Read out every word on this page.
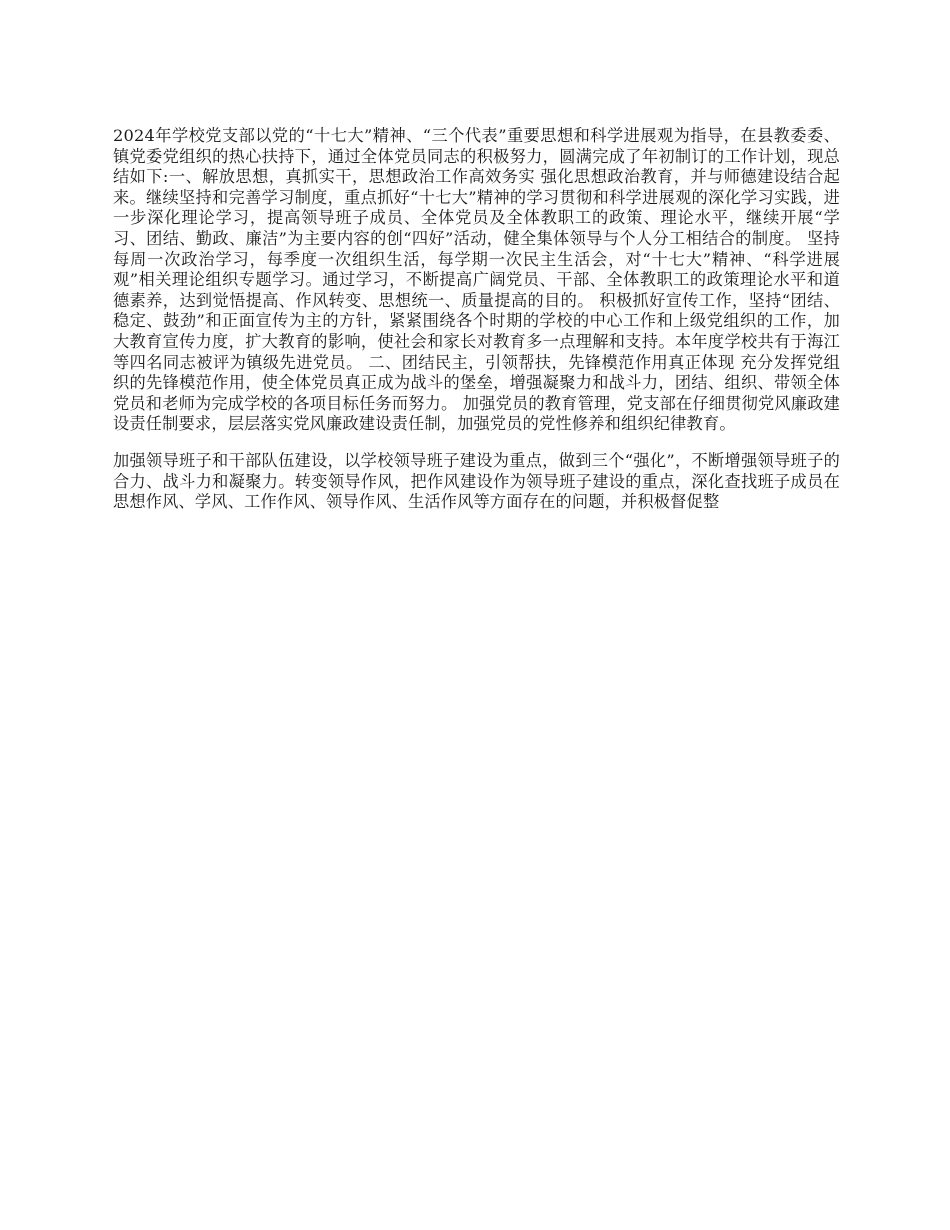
2024年学校党支部以党的“十七大”精神、“三个代表”重要思想和科学进展观为指导，在县教委委、镇党委党组织的热心扶持下，通过全体党员同志的积极努力，圆满完成了年初制订的工作计划，现总结如下:一、解放思想，真抓实干，思想政治工作高效务实 强化思想政治教育，并与师德建设结合起来。继续坚持和完善学习制度，重点抓好“十七大”精神的学习贯彻和科学进展观的深化学习实践，进一步深化理论学习，提高领导班子成员、全体党员及全体教职工的政策、理论水平，继续开展“学习、团结、勤政、廉洁”为主要内容的创“四好”活动，健全集体领导与个人分工相结合的制度。 坚持每周一次政治学习，每季度一次组织生活，每学期一次民主生活会，对“十七大”精神、“科学进展观”相关理论组织专题学习。通过学习，不断提高广阔党员、干部、全体教职工的政策理论水平和道德素养，达到觉悟提高、作风转变、思想统一、质量提高的目的。 积极抓好宣传工作，坚持“团结、稳定、鼓劲”和正面宣传为主的方针，紧紧围绕各个时期的学校的中心工作和上级党组织的工作，加大教育宣传力度，扩大教育的影响，使社会和家长对教育多一点理解和支持。本年度学校共有于海江等四名同志被评为镇级先进党员。 二、团结民主，引领帮扶，先锋模范作用真正体现 充分发挥党组织的先锋模范作用，使全体党员真正成为战斗的堡垒，增强凝聚力和战斗力，团结、组织、带领全体党员和老师为完成学校的各项目标任务而努力。 加强党员的教育管理，党支部在仔细贯彻党风廉政建设责任制要求，层层落实党风廉政建设责任制，加强党员的党性修养和组织纪律教育。

加强领导班子和干部队伍建设，以学校领导班子建设为重点，做到三个“强化”，不断增强领导班子的合力、战斗力和凝聚力。转变领导作风，把作风建设作为领导班子建设的重点，深化查找班子成员在思想作风、学风、工作作风、领导作风、生活作风等方面存在的问题，并积极督促整
